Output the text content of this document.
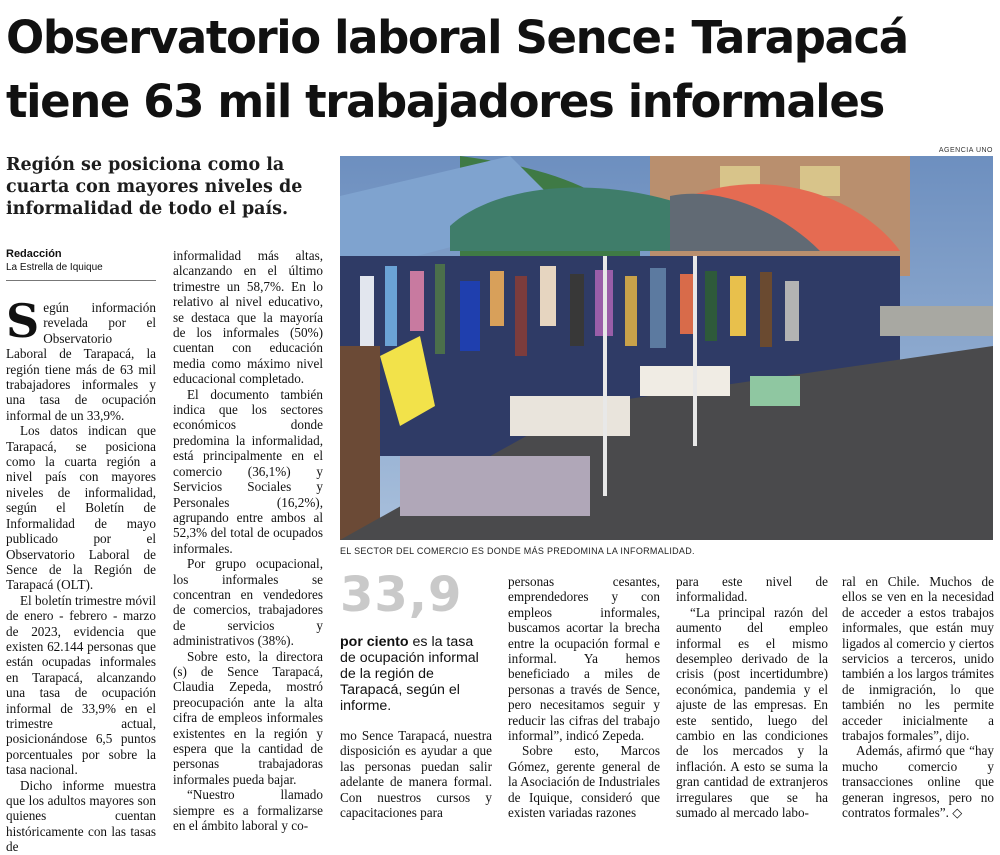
Observatorio laboral Sence: Tarapacá
tiene 63 mil trabajadores informales

Región se posiciona como la cuarta con mayores niveles de informalidad de todo el país.

Redacción
La Estrella de Iquique

Según información revelada por el Observatorio Laboral de Tarapacá, la región tiene más de 63 mil trabajadores informales y una tasa de ocupación informal de un 33,9%.

Los datos indican que Tarapacá, se posiciona como la cuarta región a nivel país con mayores niveles de informalidad, según el Boletín de Informalidad de mayo publicado por el Observatorio Laboral de Sence de la Región de Tarapacá (OLT).

El boletín trimestre móvil de enero - febrero - marzo de 2023, evidencia que existen 62.144 personas que están ocupadas informales en Tarapacá, alcanzando una tasa de ocupación informal de 33,9% en el trimestre actual, posicionándose 6,5 puntos porcentuales por sobre la tasa nacional.

Dicho informe muestra que los adultos mayores son quienes cuentan históricamente con las tasas de

informalidad más altas, alcanzando en el último trimestre un 58,7%. En lo relativo al nivel educativo, se destaca que la mayoría de los informales (50%) cuentan con educación media como máximo nivel educacional completado.

El documento también indica que los sectores económicos donde predomina la informalidad, está principalmente en el comercio (36,1%) y Servicios Sociales y Personales (16,2%), agrupando entre ambos al 52,3% del total de ocupados informales.

Por grupo ocupacional, los informales se concentran en vendedores de comercios, trabajadores de servicios y administrativos (38%).

Sobre esto, la directora (s) de Sence Tarapacá, Claudia Zepeda, mostró preocupación ante la alta cifra de empleos informales existentes en la región y espera que la cantidad de personas trabajadoras informales pueda bajar.

“Nuestro llamado siempre es a formalizarse en el ámbito laboral y co-

AGENCIA UNO
EL SECTOR DEL COMERCIO ES DONDE MÁS PREDOMINA LA INFORMALIDAD.
33,9
por ciento es la tasa de ocupación informal de la región de Tarapacá, según el informe.

mo Sence Tarapacá, nuestra disposición es ayudar a que las personas puedan salir adelante de manera formal. Con nuestros cursos y capacitaciones para

personas cesantes, emprendedores y con empleos informales, buscamos acortar la brecha entre la ocupación formal e informal. Ya hemos beneficiado a miles de personas a través de Sence, pero necesitamos seguir y reducir las cifras del trabajo informal”, indicó Zepeda.

Sobre esto, Marcos Gómez, gerente general de la Asociación de Industriales de Iquique, consideró que existen variadas razones

para este nivel de informalidad.

“La principal razón del aumento del empleo informal es el mismo desempleo derivado de la crisis (post incertidumbre) económica, pandemia y el ajuste de las empresas. En este sentido, luego del cambio en las condiciones de los mercados y la inflación. A esto se suma la gran cantidad de extranjeros irregulares que se ha sumado al mercado labo-

ral en Chile. Muchos de ellos se ven en la necesidad de acceder a estos trabajos informales, que están muy ligados al comercio y ciertos servicios a terceros, unido también a los largos trámites de inmigración, lo que también no les permite acceder inicialmente a trabajos formales”, dijo.

Además, afirmó que “hay mucho comercio y transacciones online que generan ingresos, pero no contratos formales”. ◇
